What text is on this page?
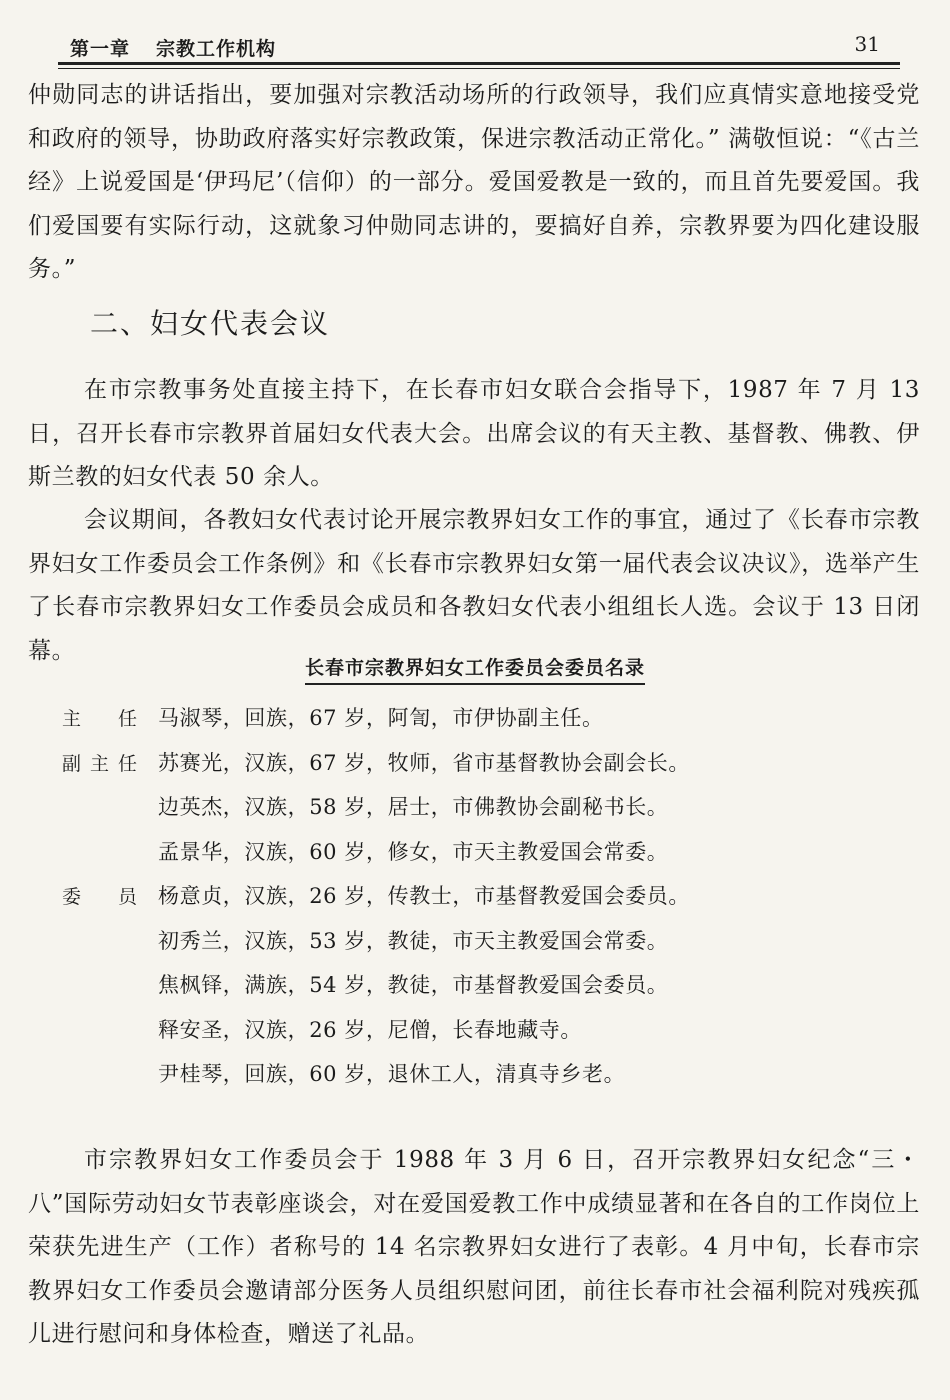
第一章 宗教工作机构	31

仲勋同志的讲话指出，要加强对宗教活动场所的行政领导，我们应真情实意地接受党和政府的领导，协助政府落实好宗教政策，保进宗教活动正常化。” 满敬恒说：“《古兰经》上说爱国是‘伊玛尼’（信仰）的一部分。爱国爱教是一致的，而且首先要爱国。我们爱国要有实际行动，这就象习仲勋同志讲的，要搞好自养，宗教界要为四化建设服务。”

二、妇女代表会议

在市宗教事务处直接主持下，在长春市妇女联合会指导下，1987 年 7 月 13 日，召开长春市宗教界首届妇女代表大会。出席会议的有天主教、基督教、佛教、伊斯兰教的妇女代表 50 余人。

会议期间，各教妇女代表讨论开展宗教界妇女工作的事宜，通过了《长春市宗教界妇女工作委员会工作条例》和《长春市宗教界妇女第一届代表会议决议》，选举产生了长春市宗教界妇女工作委员会成员和各教妇女代表小组组长人选。会议于 13 日闭幕。

长春市宗教界妇女工作委员会委员名录
主任 马淑琴，回族，67 岁，阿訇，市伊协副主任。
副主任 苏赛光，汉族，67 岁，牧师，省市基督教协会副会长。
边英杰，汉族，58 岁，居士，市佛教协会副秘书长。
孟景华，汉族，60 岁，修女，市天主教爱国会常委。
委员 杨意贞，汉族，26 岁，传教士，市基督教爱国会委员。
初秀兰，汉族，53 岁，教徒，市天主教爱国会常委。
焦枫铎，满族，54 岁，教徒，市基督教爱国会委员。
释安圣，汉族，26 岁，尼僧，长春地藏寺。
尹桂琴，回族，60 岁，退休工人，清真寺乡老。

市宗教界妇女工作委员会于 1988 年 3 月 6 日，召开宗教界妇女纪念“三・八”国际劳动妇女节表彰座谈会，对在爱国爱教工作中成绩显著和在各自的工作岗位上荣获先进生产（工作）者称号的 14 名宗教界妇女进行了表彰。4 月中旬，长春市宗教界妇女工作委员会邀请部分医务人员组织慰问团，前往长春市社会福利院对残疾孤儿进行慰问和身体检查，赠送了礼品。
